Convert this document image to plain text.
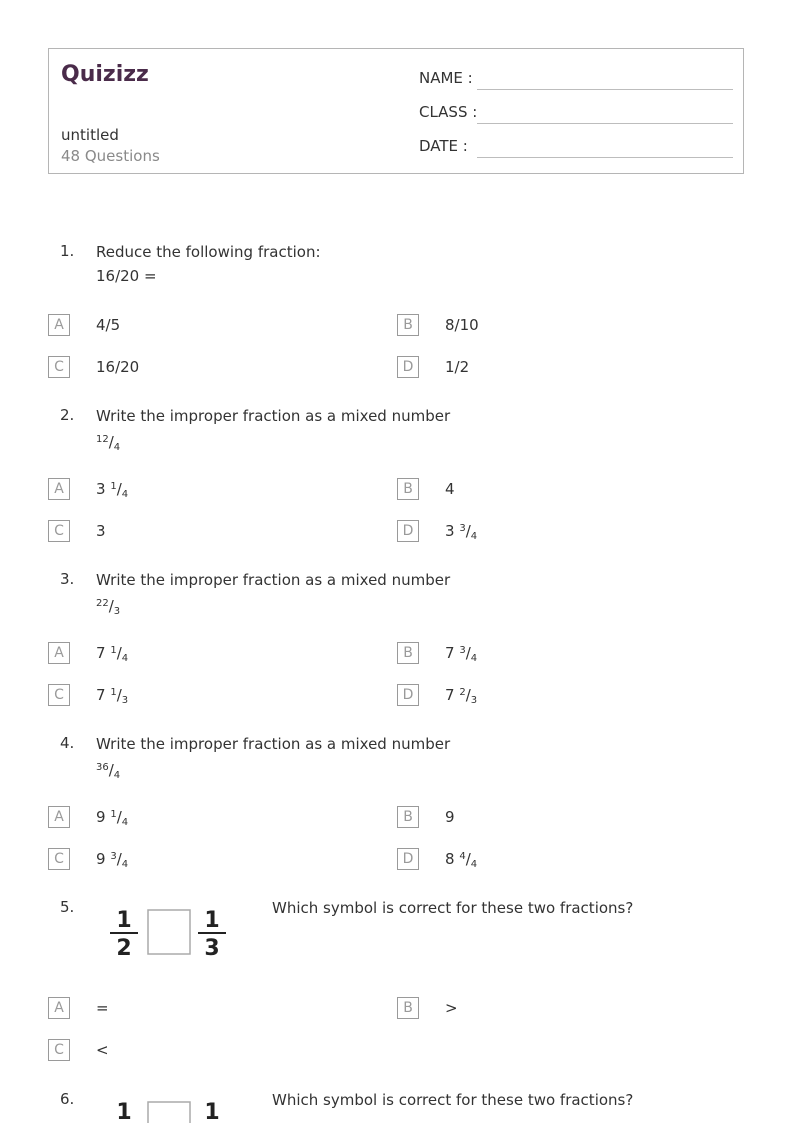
Quizizz
untitled
48 Questions
NAME :
CLASS :
DATE :
1. Reduce the following fraction:
16/20 =
A	4/5	B	8/10
C	16/20	D	1/2
2. Write the improper fraction as a mixed number
$^{12}/_4$
A	3 $^1/_4$	B	4
C	3	D	3 $^3/_4$
3. Write the improper fraction as a mixed number
$^{22}/_3$
A	7 $^1/_4$	B	7 $^3/_4$
C	7 $^1/_3$	D	7 $^2/_3$
4. Write the improper fraction as a mixed number
$^{36}/_4$
A	9 $^1/_4$	B	9
C	9 $^3/_4$	D	8 $^4/_4$
5.	Which symbol is correct for these two fractions?
1
2
1
3
A	=	B	>
C	<
6.	Which symbol is correct for these two fractions?
1	1
